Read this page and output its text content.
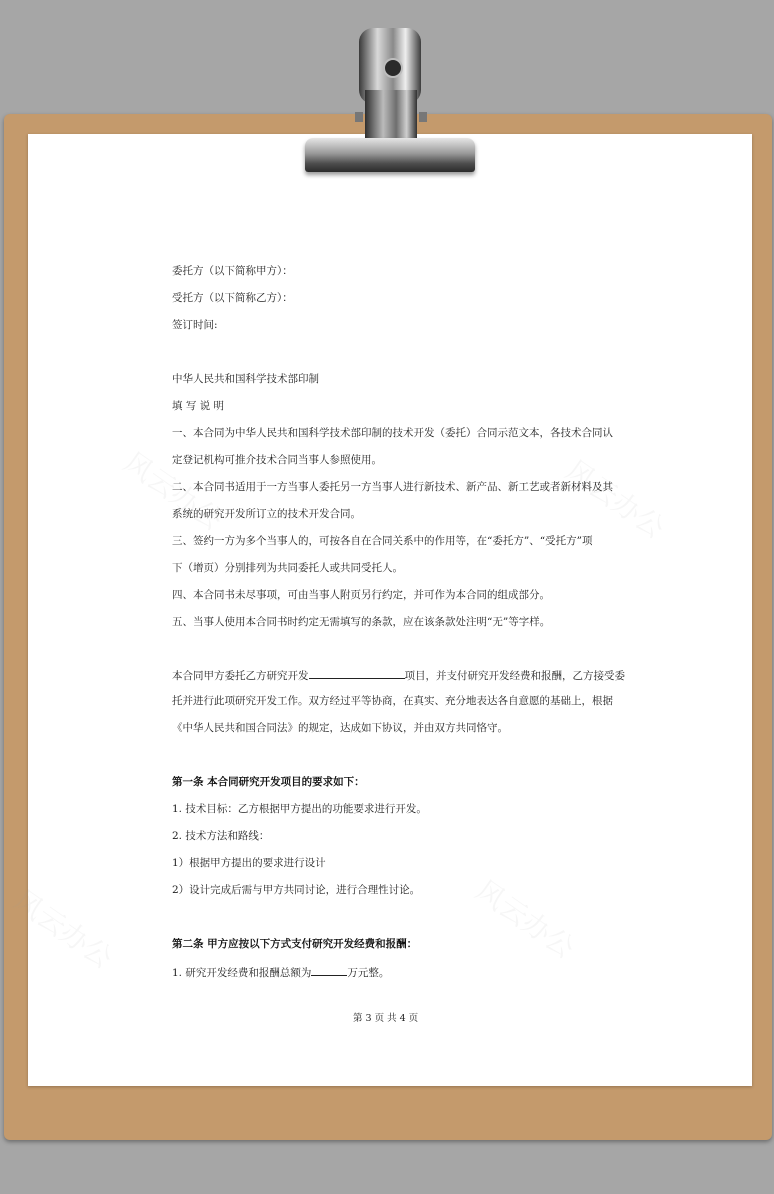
风云办公	风云办公
风云办公	风云办公
委托方（以下简称甲方）：
受托方（以下简称乙方）：
签订时间:
中华人民共和国科学技术部印制
填 写 说 明
一、本合同为中华人民共和国科学技术部印制的技术开发（委托）合同示范文本，各技术合同认
定登记机构可推介技术合同当事人参照使用。
二、本合同书适用于一方当事人委托另一方当事人进行新技术、新产品、新工艺或者新材料及其
系统的研究开发所订立的技术开发合同。
三、签约一方为多个当事人的，可按各自在合同关系中的作用等，在“委托方”、“受托方”项
下（增页）分别排列为共同委托人或共同受托人。
四、本合同书未尽事项，可由当事人附页另行约定，并可作为本合同的组成部分。
五、当事人使用本合同书时约定无需填写的条款，应在该条款处注明“无”等字样。
本合同甲方委托乙方研究开发	项目，并支付研究开发经费和报酬，乙方接受委
托并进行此项研究开发工作。双方经过平等协商，在真实、充分地表达各自意愿的基础上，根据
《中华人民共和国合同法》的规定，达成如下协议，并由双方共同恪守。
第一条 本合同研究开发项目的要求如下：
1. 技术目标：乙方根据甲方提出的功能要求进行开发。
2. 技术方法和路线：
1）根据甲方提出的要求进行设计
2）设计完成后需与甲方共同讨论，进行合理性讨论。
第二条 甲方应按以下方式支付研究开发经费和报酬：
1. 研究开发经费和报酬总额为	万元整。
第 3 页 共 4 页
